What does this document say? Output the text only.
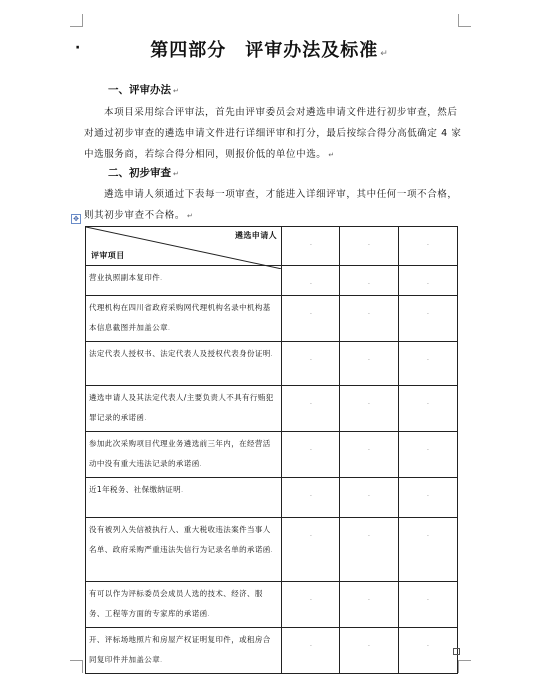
·	第四部分　评审办法及标准 ↵
一、评审办法 ↵
本项目采用综合评审法，首先由评审委员会对遴选申请文件进行初步审查，然后对通过初步审查的遴选申请文件进行详细评审和打分，最后按综合得分高低确定 4 家中选服务商，若综合得分相同，则报价低的单位中选。 ↵
二、初步审查 ↵
遴选申请人须通过下表每一项审查，才能进入详细评审，其中任何一项不合格，则其初步审查不合格。 ↵
✥
遴选申请人
评审项目	.	.	.
营业执照副本复印件.	.	.	.
代理机构在四川省政府采购网代理机构名录中机构基本信息截图并加盖公章.	.	.	.
法定代表人授权书、法定代表人及授权代表身份证明.	.	.	.
遴选申请人及其法定代表人/主要负责人不具有行贿犯罪记录的承诺函.	.	.	.
参加此次采购项目代理业务遴选前三年内，在经营活动中没有重大违法记录的承诺函.	.	.	.
近1年税务、社保缴纳证明.	.	.	.
没有被列入失信被执行人、重大税收违法案件当事人名单、政府采购严重违法失信行为记录名单的承诺函.	.	.	.
有可以作为评标委员会成员人选的技术、经济、服务、工程等方面的专家库的承诺函.	.	.	.
开、评标场地照片和房屋产权证明复印件，或租房合同复印件并加盖公章.	.	.	.
